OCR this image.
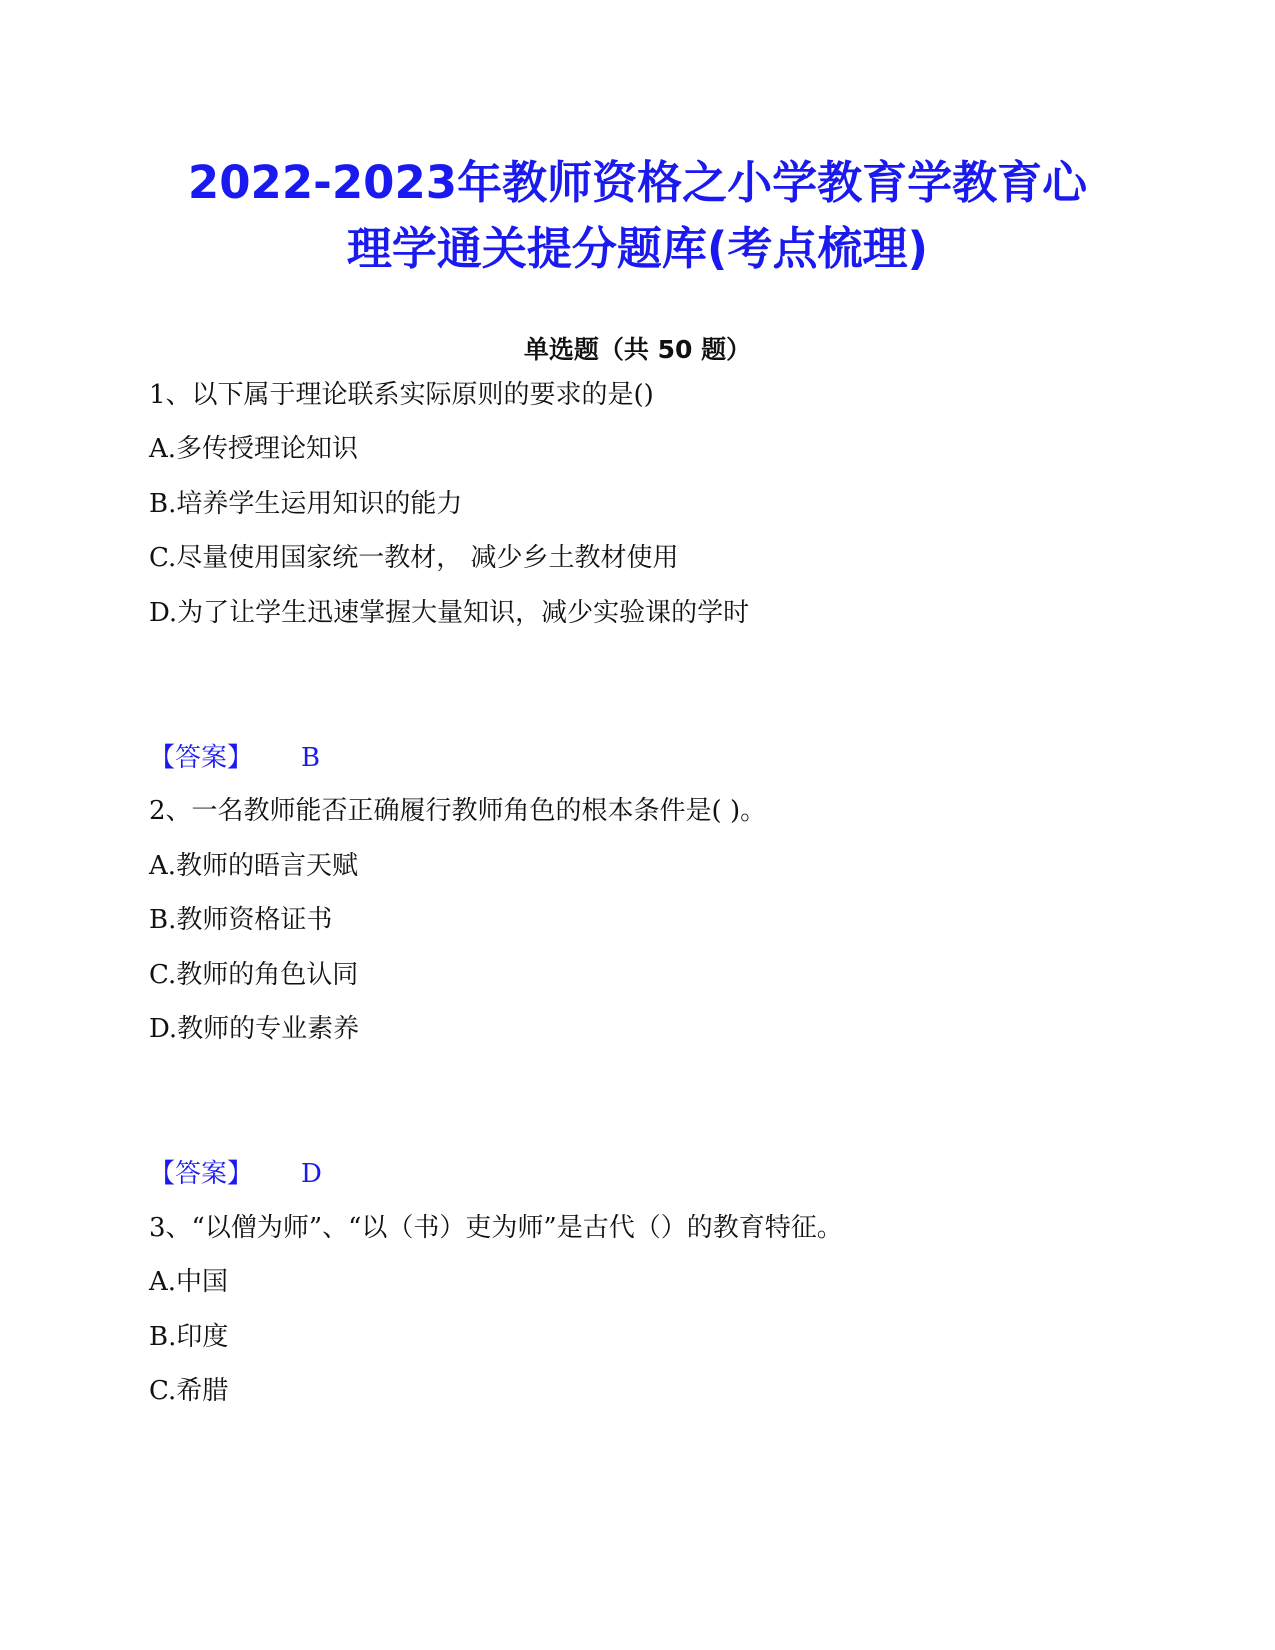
2022-2023年教师资格之小学教育学教育心
理学通关提分题库(考点梳理)
单选题（共 50 题）
1、以下属于理论联系实际原则的要求的是()
A.多传授理论知识
B.培养学生运用知识的能力
C.尽量使用国家统一教材， 减少乡土教材使用
D.为了让学生迅速掌握大量知识，减少实验课的学时
【答案】 B
2、一名教师能否正确履行教师角色的根本条件是( )。
A.教师的晤言天赋
B.教师资格证书
C.教师的角色认同
D.教师的专业素养
【答案】 D
3、“以僧为师”、“以（书）吏为师”是古代（）的教育特征。
A.中国
B.印度
C.希腊
